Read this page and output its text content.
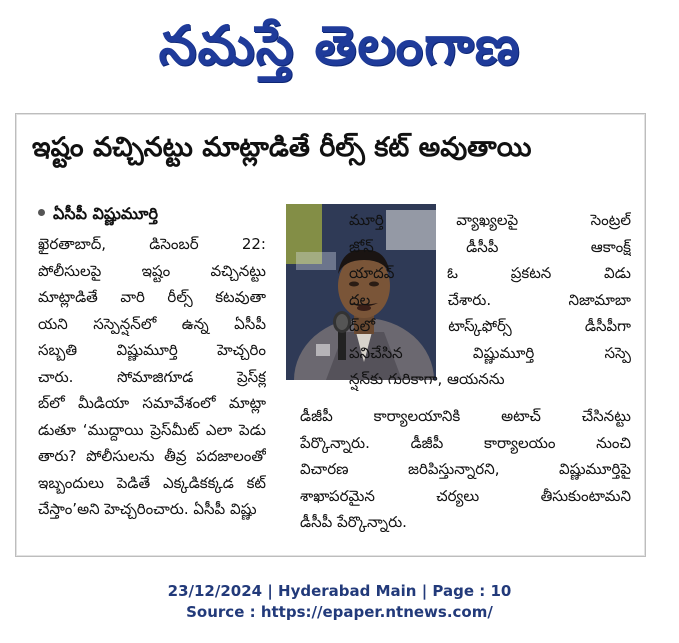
నమస్తే తెలంగాణ
ఇష్టం వచ్చినట్టు మాట్లాడితే రీల్స్ కట్ అవుతాయి
ఏసీపీ విష్ణుమూర్తి
ఖైరతాబాద్, డిసెంబర్ 22:
పోలీసులపై ఇష్టం వచ్చినట్టు
మాట్లాడితే వారి రీల్స్ కటవుతా
యని సస్పెన్షన్‌లో ఉన్న ఏసీపీ
సబ్బతి విష్ణుమూర్తి హెచ్చరిం
చారు. సోమాజిగూడ ప్రెస్‌క్ల
బ్‌లో మీడియా సమావేశంలో మాట్లా
డుతూ ‘ముద్దాయి ప్రెస్‌మీట్ ఎలా పెడు
తారు? పోలీసులను తీవ్ర పదజాలంతో
ఇబ్బందులు పెడితే ఎక్కడికక్కడ కట్
చేస్తాం’అని హెచ్చరించారు. ఏసీపీ విష్ణు
మూర్తి వ్యాఖ్యలపై సెంట్రల్
జోన్ డీసీపీ ఆకాంక్ష్
యాదవ్ ఓ ప్రకటన విడు
దల చేశారు. నిజామాబా
ద్‌లో టాస్క్‌ఫోర్స్ డీసీపీగా
పనిచేసిన విష్ణుమూర్తి సస్పె
న్షన్‌కు గురికాగా, ఆయనను
డీజీపీ కార్యాలయానికి అటాచ్ చేసినట్టు
పేర్కొన్నారు. డీజీపీ కార్యాలయం నుంచి
విచారణ జరిపిస్తున్నారని, విష్ణుమూర్తిపై
శాఖాపరమైన చర్యలు తీసుకుంటామని
డీసీపీ పేర్కొన్నారు.
23/12/2024 | Hyderabad Main | Page : 10
Source : https://epaper.ntnews.com/
